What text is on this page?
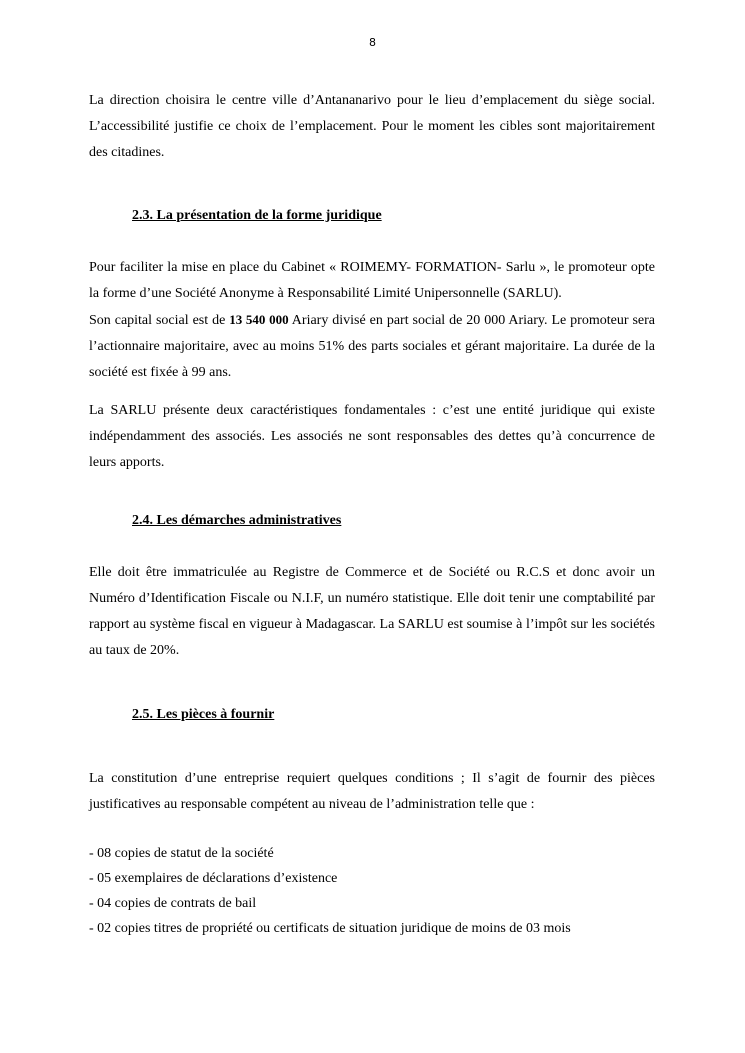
8

La direction choisira le centre ville d’Antananarivo pour le lieu d’emplacement du siège social. L’accessibilité justifie ce choix de l’emplacement. Pour le moment les cibles sont majoritairement des citadines.

2.3. La présentation de la forme juridique

Pour faciliter la mise en place du Cabinet « ROIMEMY- FORMATION- Sarlu », le promoteur opte la forme d’une Société Anonyme à Responsabilité Limité Unipersonnelle (SARLU).

Son capital social est de 13 540 000 Ariary divisé en part social de 20 000 Ariary. Le promoteur sera l’actionnaire majoritaire, avec au moins 51% des parts sociales et gérant majoritaire. La durée de la société est fixée à 99 ans.

La SARLU présente deux caractéristiques fondamentales : c’est une entité juridique qui existe indépendamment des associés. Les associés ne sont responsables des dettes qu’à concurrence de leurs apports.

2.4. Les démarches administratives

Elle doit être immatriculée au Registre de Commerce et de Société ou R.C.S et donc avoir un Numéro d’Identification Fiscale ou N.I.F, un numéro statistique. Elle doit tenir une comptabilité par rapport au système fiscal en vigueur à Madagascar. La SARLU est soumise à l’impôt sur les sociétés au taux de 20%.

2.5. Les pièces à fournir

La constitution d’une entreprise requiert quelques conditions ; Il s’agit de fournir des pièces justificatives au responsable compétent au niveau de l’administration telle que :

- 08 copies de statut de la société
- 05 exemplaires de déclarations d’existence
- 04 copies de contrats de bail
- 02 copies titres de propriété ou certificats de situation juridique de moins de 03 mois
